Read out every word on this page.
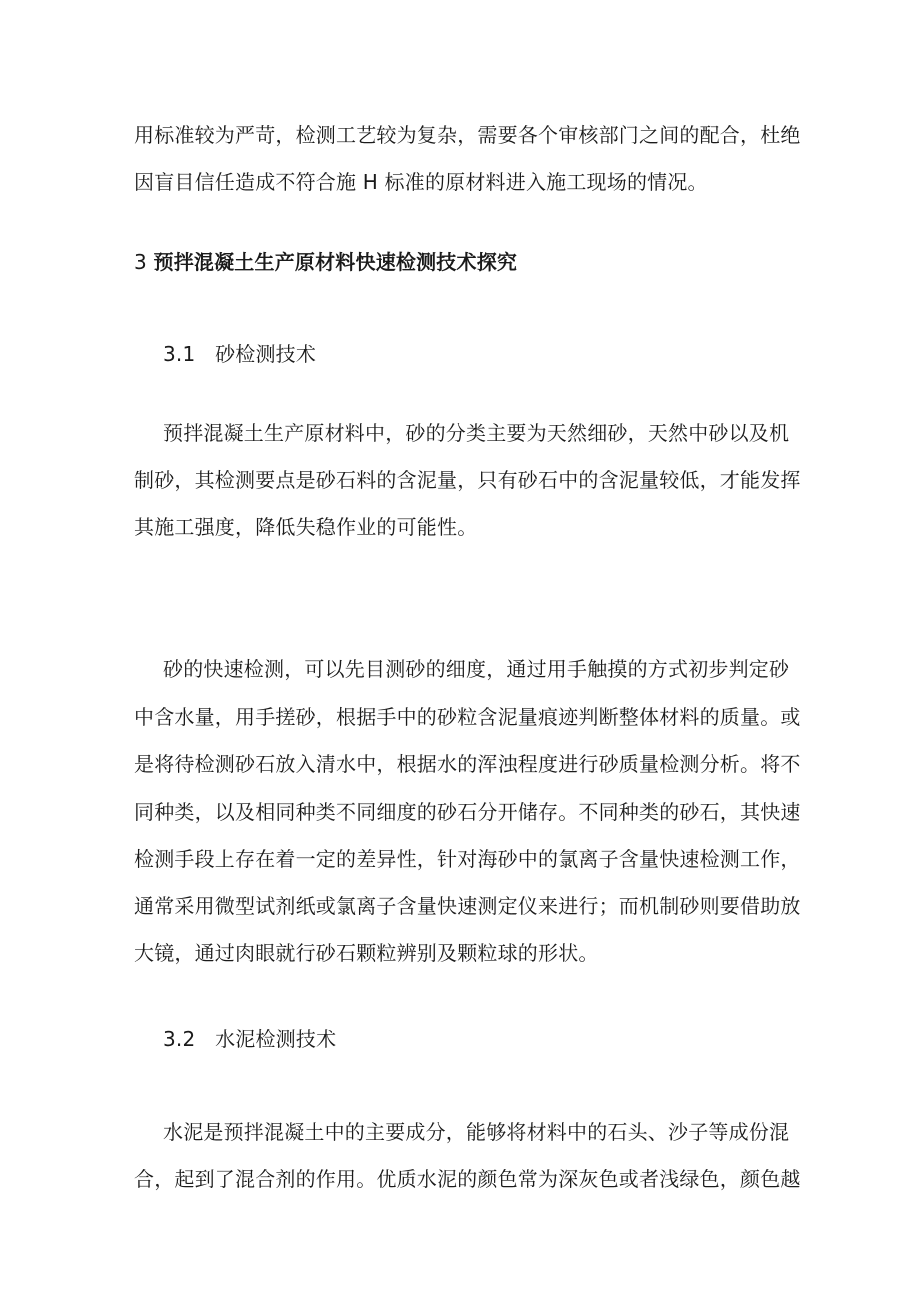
用标准较为严苛，检测工艺较为复杂，需要各个审核部门之间的配合，杜绝
因盲目信任造成不符合施 H 标准的原材料进入施工现场的情况。
3 预拌混凝土生产原材料快速检测技术探究
3.1   砂检测技术
预拌混凝土生产原材料中，砂的分类主要为天然细砂，天然中砂以及机
制砂，其检测要点是砂石料的含泥量，只有砂石中的含泥量较低，才能发挥
其施工强度，降低失稳作业的可能性。
砂的快速检测，可以先目测砂的细度，通过用手触摸的方式初步判定砂
中含水量，用手搓砂，根据手中的砂粒含泥量痕迹判断整体材料的质量。或
是将待检测砂石放入清水中，根据水的浑浊程度进行砂质量检测分析。将不
同种类，以及相同种类不同细度的砂石分开储存。不同种类的砂石，其快速
检测手段上存在着一定的差异性，针对海砂中的氯离子含量快速检测工作，
通常采用微型试剂纸或氯离子含量快速测定仪来进行；而机制砂则要借助放
大镜，通过肉眼就行砂石颗粒辨别及颗粒球的形状。
3.2   水泥检测技术
水泥是预拌混凝土中的主要成分，能够将材料中的石头、沙子等成份混
合，起到了混合剂的作用。优质水泥的颜色常为深灰色或者浅绿色，颜色越
